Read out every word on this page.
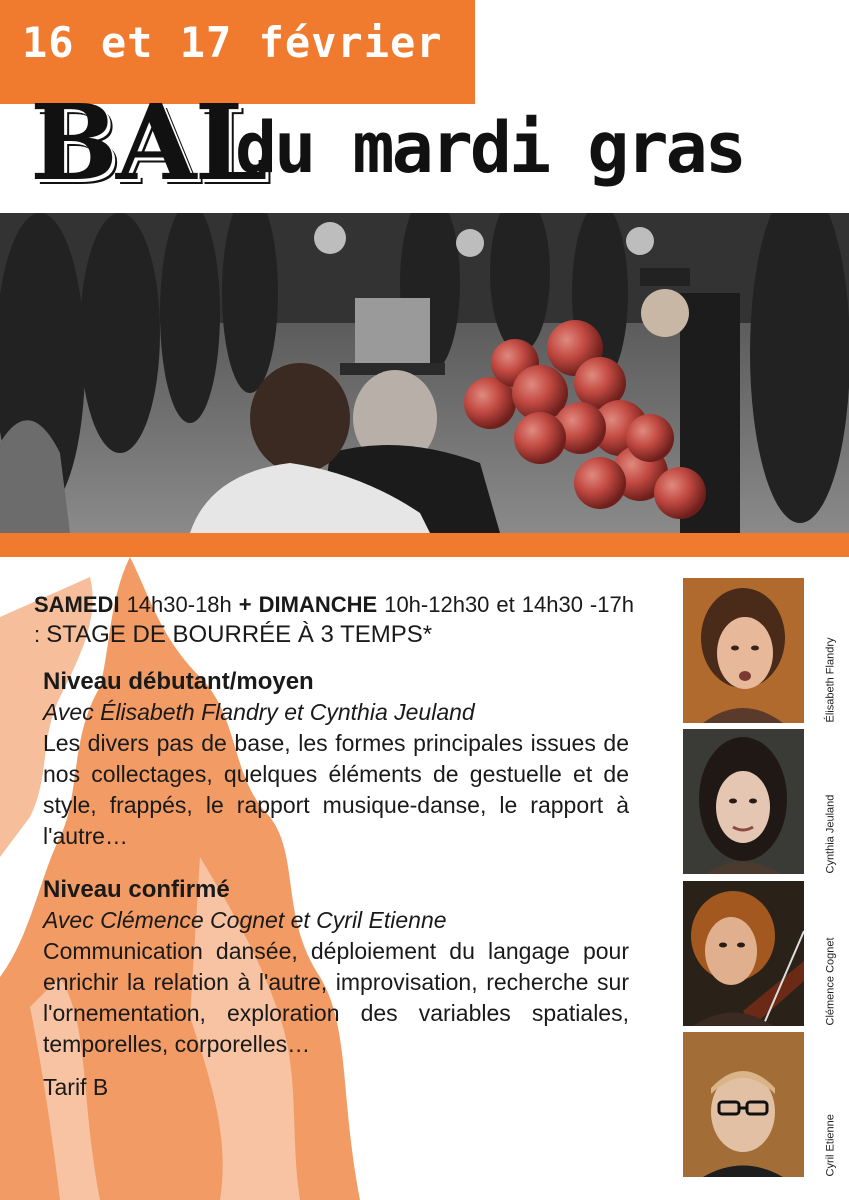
16 et 17 février
BAL
du mardi gras
SAMEDI 14h30-18h + DIMANCHE 10h-12h30 et 14h30 -17h : STAGE DE BOURRÉE À 3 TEMPS*
Niveau débutant/moyen
Avec Élisabeth Flandry et Cynthia Jeuland

Les divers pas de base, les formes principales issues de nos collectages, quelques éléments de gestuelle et de style, frappés, le rapport musique-danse, le rapport à l'autre…

Niveau confirmé
Avec Clémence Cognet et Cyril Etienne

Communication dansée, déploiement du langage pour enrichir la relation à l'autre, improvisation, recherche sur l'ornementation, exploration des variables spatiales, temporelles, corporelles…

Tarif B
Élisabeth Flandry
Cynthia Jeuland
Clémence Cognet
Cyril Etienne
